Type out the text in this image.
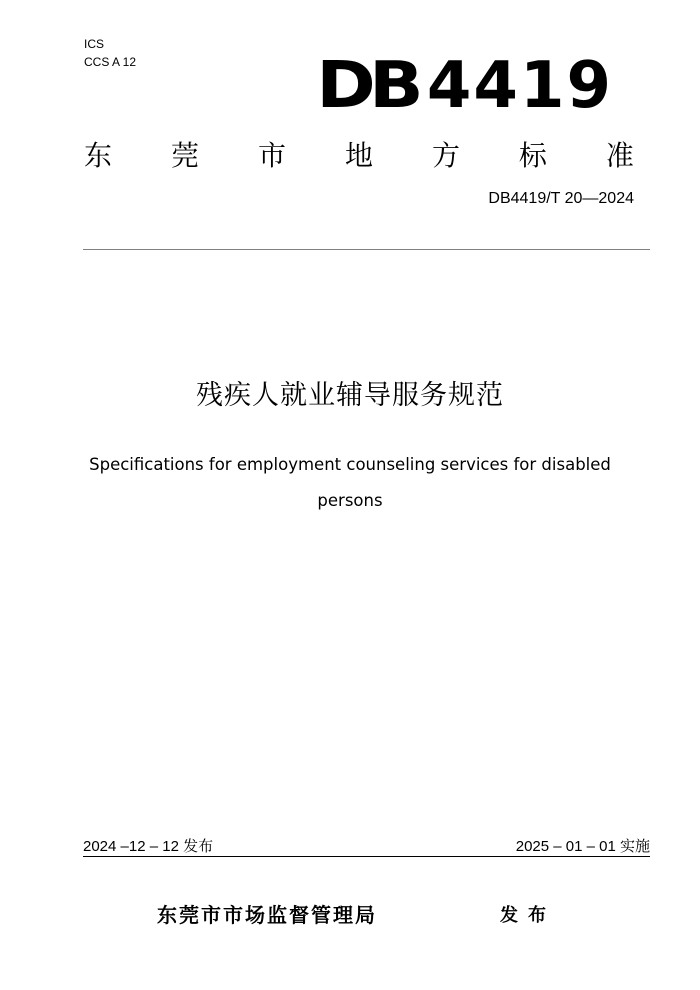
ICS
CCS A 12	DB 4419
东 莞 市 地 方 标 准
DB4419/T 20—2024
残疾人就业辅导服务规范
Specifications for employment counseling services for disabled persons
2024 –12 – 12 发布	2025 – 01 – 01 实施
东莞市市场监督管理局	发布
